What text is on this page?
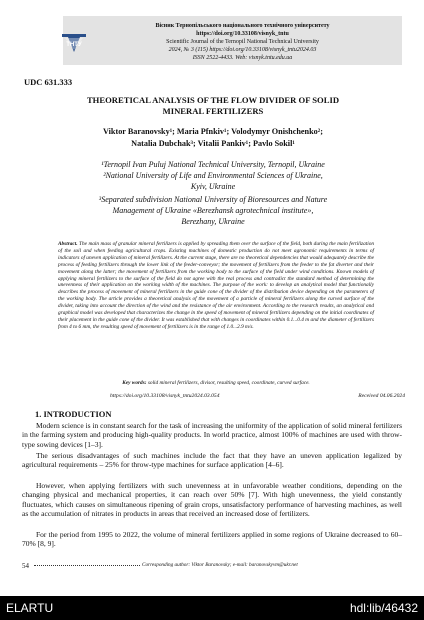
ТНТУ
Вісник Тернопільського національного технічного університету
https://doi.org/10.33108/visnyk_tntu
Scientific Journal of the Ternopil National Technical University
2024, № 3 (115) https://doi.org/10.33108/visnyk_tntu2024.03
ISSN 2522-4433. Web: visnyk.tntu.edu.ua
UDC 631.333
THEORETICAL ANALYSIS OF THE FLOW DIVIDER OF SOLID
MINERAL FERTILIZERS
Viktor Baranovsky¹; Maria Pfnkiv¹; Volodymyr Onishchenko²;
Natalia Dubchak³; Vitalii Pankiv¹; Pavlo Sokil¹
¹Ternopil Ivan Puluj National Technical University, Ternopil, Ukraine
²National University of Life and Environmental Sciences of Ukraine,
Kyiv, Ukraine
³Separated subdivision National University of Bioresources and Nature
Management of Ukraine «Berezhansk agrotechnical institute»,
Berezhany, Ukraine
Abstract. The main mass of granular mineral fertilizers is applied by spreading them over the surface of the field, both during the main fertilization of the soil and when feeding agricultural crops. Existing machines of domestic production do not meet agronomic requirements in terms of indicators of uneven application of mineral fertilizers. At the current stage, there are no theoretical dependencies that would adequately describe the process of feeding fertilizers through the lower link of the feeder-conveyor; the movement of fertilizers from the feeder to the fat diverter and their movement along the latter; the movement of fertilizers from the working body to the surface of the field under wind conditions. Known models of applying mineral fertilizers to the surface of the field do not agree with the real process and contradict the standard method of determining the unevenness of their application on the working width of the machines. The purpose of the work: to develop an analytical model that functionally describes the process of movement of mineral fertilizers in the guide cone of the divider of the distribution device depending on the parameters of the working body. The article provides a theoretical analysis of the movement of a particle of mineral fertilizers along the curved surface of the divider, taking into account the direction of the wind and the resistance of the air environment. According to the research results, an analytical and graphical model was developed that characterizes the change in the speed of movement of mineral fertilizers depending on the initial coordinates of their placement in the guide cone of the divider. It was established that with changes in coordinates within 0.1...0.4 m and the diameter of fertilizers from 4 to 6 mm, the resulting speed of movement of fertilizers is in the range of 1.0...2.9 m/s.
Key words: solid mineral fertilizers, divisor, resulting speed, coordinate, curved surface.
https://doi.org/10.33108/visnyk_tntu2024.03.054	Received 04.06.2024
1. INTRODUCTION

Modern science is in constant search for the task of increasing the uniformity of the application of solid mineral fertilizers in the farming system and producing high-quality products. In world practice, almost 100% of machines are used with throw-type sowing devices [1–3].

The serious disadvantages of such machines include the fact that they have an uneven application legalized by agricultural requirements – 25% for throw-type machines for surface application [4–6].

However, when applying fertilizers with such unevenness at in unfavorable weather conditions, depending on the changing physical and mechanical properties, it can reach over 50% [7]. With high unevenness, the yield constantly fluctuates, which causes on simultaneous ripening of grain crops, unsatisfactory performance of harvesting machines, as well as the accumulation of nitrates in products in areas that received an increased dose of fertilizers.

For the period from 1995 to 2022, the volume of mineral fertilizers applied in some regions of Ukraine decreased to 60–70% [8, 9].

54	Corresponding author: Viktor Baranovsky; e-mail: baranovskyvm@ukr.net
ELARTU	hdl:lib/46432
